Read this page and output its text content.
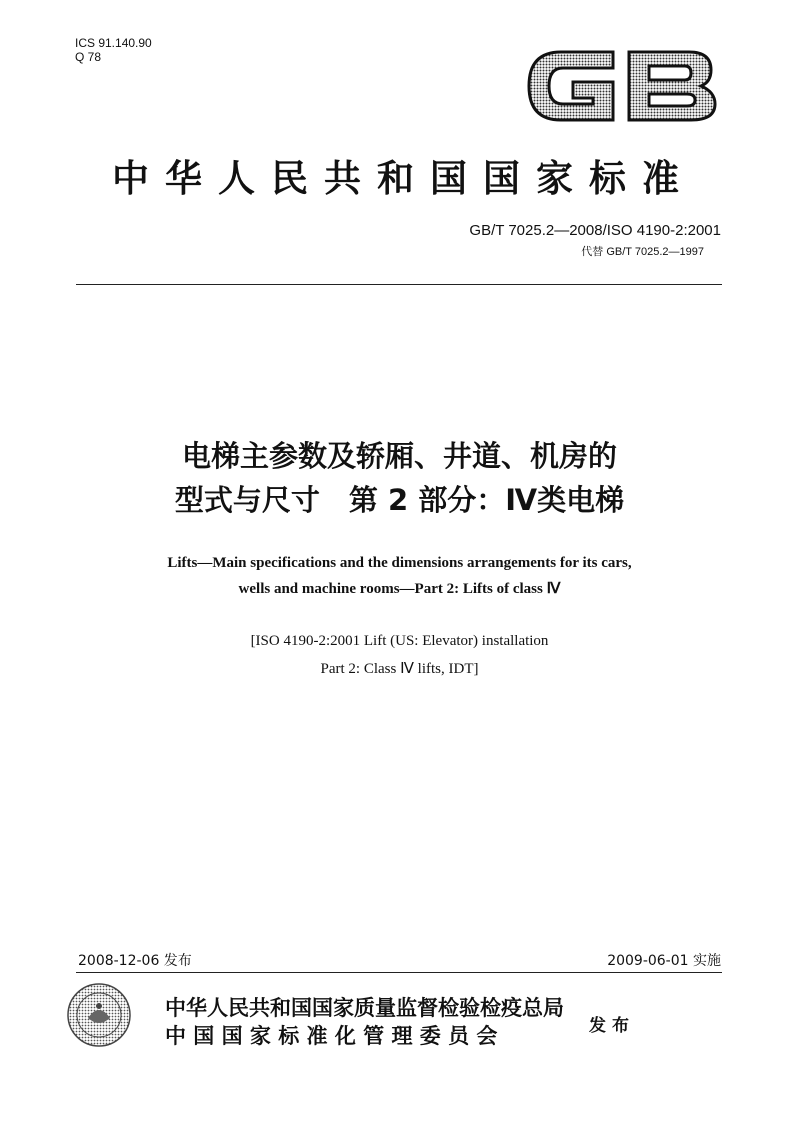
ICS 91.140.90
Q 78
中华人民共和国国家标准
GB/T 7025.2—2008/ISO 4190-2:2001
代替 GB/T 7025.2—1997
电梯主参数及轿厢、井道、机房的
型式与尺寸　第 2 部分：Ⅳ类电梯
Lifts—Main specifications and the dimensions arrangements for its cars,
wells and machine rooms—Part 2: Lifts of class Ⅳ
[ISO 4190-2:2001 Lift (US: Elevator) installation
Part 2: Class Ⅳ lifts, IDT]
2008-12-06 发布	2009-06-01 实施
中华人民共和国国家质量监督检验检疫总局
中 国 国 家 标 准 化 管 理 委 员 会	发布
